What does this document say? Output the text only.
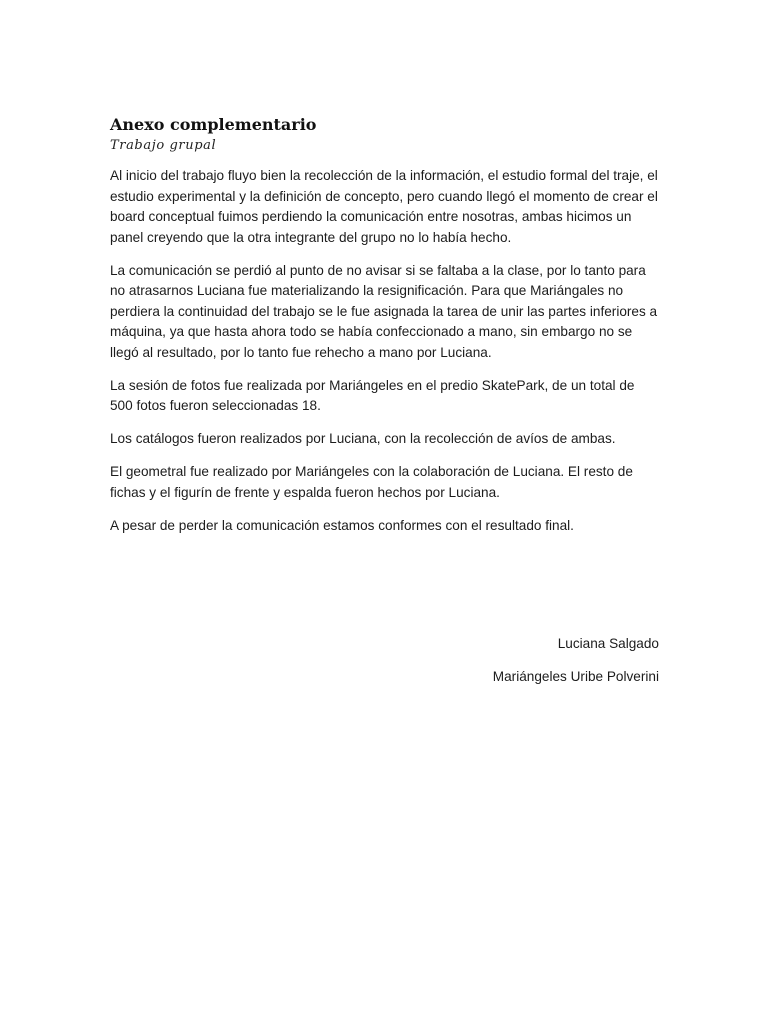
Anexo complementario
Trabajo grupal

Al inicio del trabajo fluyo bien la recolección de la información, el estudio formal del traje, el estudio experimental y la definición de concepto, pero cuando llegó el momento de crear el board conceptual fuimos perdiendo la comunicación entre nosotras, ambas hicimos un panel creyendo que la otra integrante del grupo no lo había hecho.

La comunicación se perdió al punto de no avisar si se faltaba a la clase, por lo tanto para no atrasarnos Luciana fue materializando la resignificación. Para que Mariángales no perdiera la continuidad del trabajo se le fue asignada la tarea de unir las partes inferiores a máquina, ya que hasta ahora todo se había confeccionado a mano, sin embargo no se llegó al resultado, por lo tanto fue rehecho a mano por Luciana.

La sesión de fotos fue realizada por Mariángeles en el predio SkatePark, de un total de 500 fotos fueron seleccionadas 18.

Los catálogos fueron realizados por Luciana, con la recolección de avíos de ambas.

El geometral fue realizado por Mariángeles con la colaboración de Luciana. El resto de fichas y el figurín de frente y espalda fueron hechos por Luciana.

A pesar de perder la comunicación estamos conformes con el resultado final.

Luciana Salgado
Mariángeles Uribe Polverini
